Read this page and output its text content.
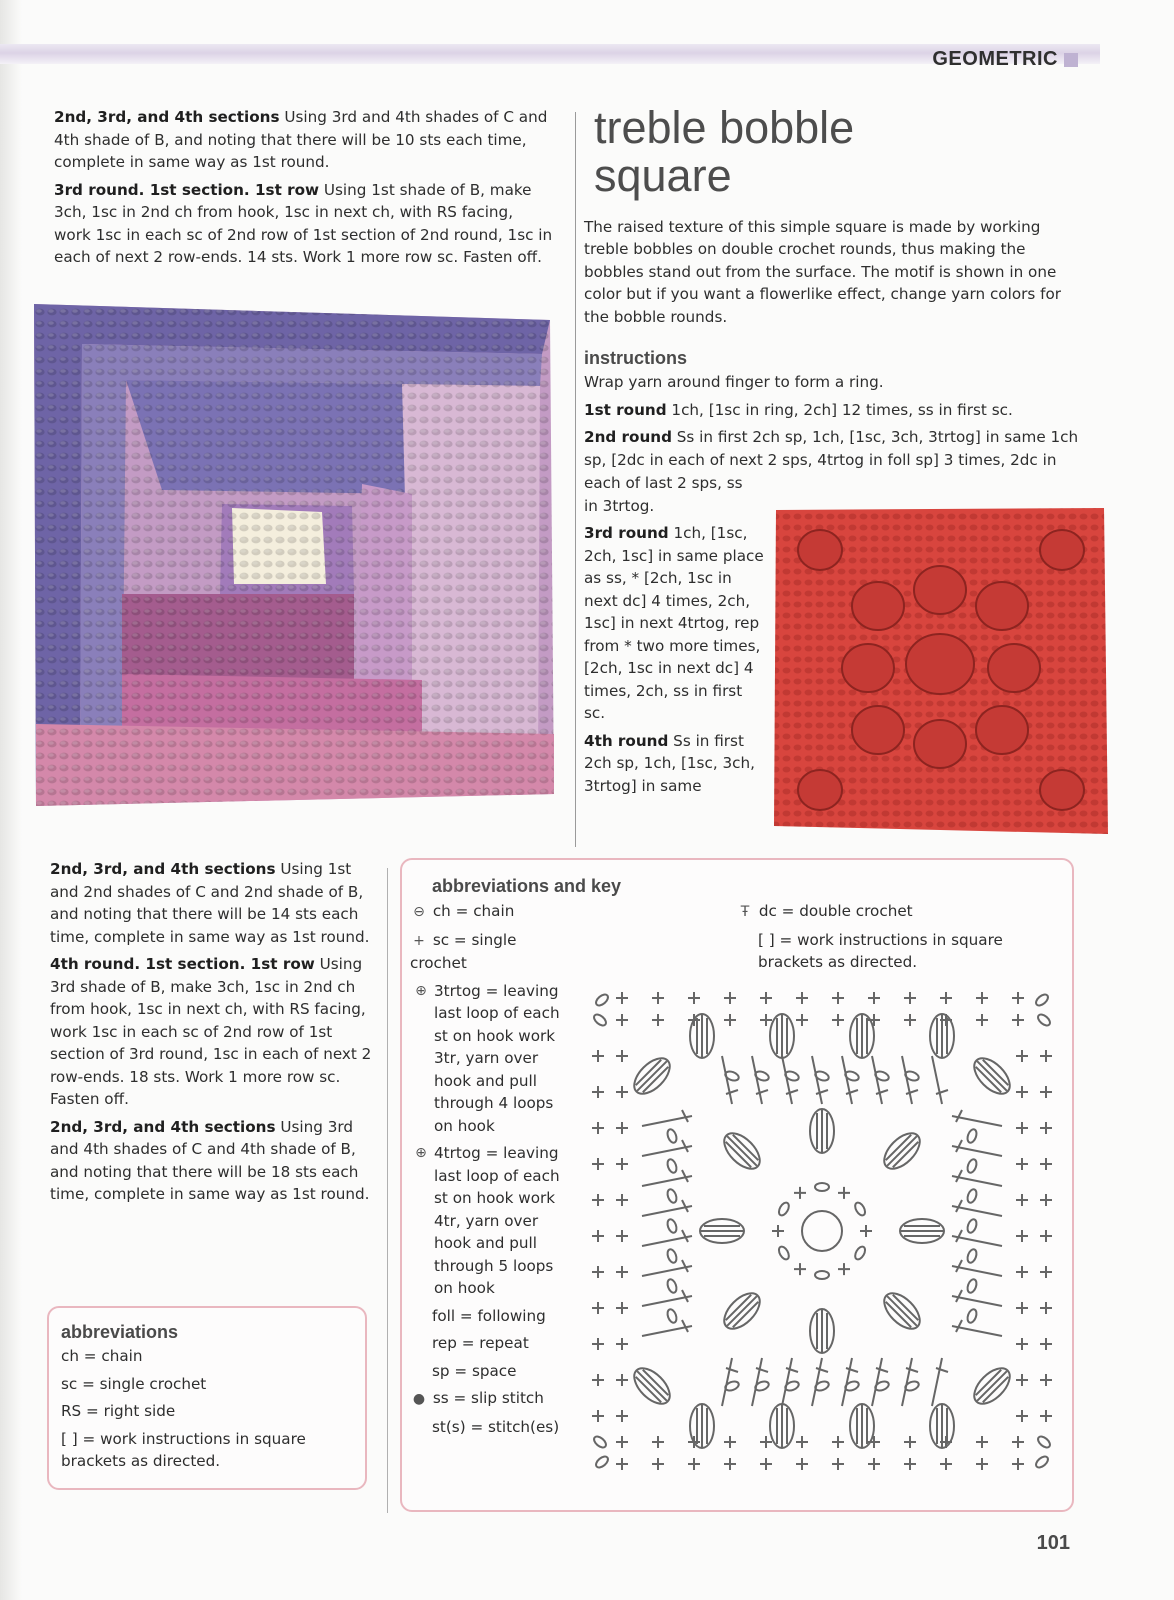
GEOMETRIC

2nd, 3rd, and 4th sections Using 3rd and 4th shades of C and 4th shade of B, and noting that there will be 10 sts each time, complete in same way as 1st round.

3rd round. 1st section. 1st row Using 1st shade of B, make 3ch, 1sc in 2nd ch from hook, 1sc in next ch, with RS facing, work 1sc in each sc of 2nd row of 1st section of 2nd round, 1sc in each of next 2 row-ends. 14 sts. Work 1 more row sc. Fasten off.

treble bobble
square

The raised texture of this simple square is made by working treble bobbles on double crochet rounds, thus making the bobbles stand out from the surface. The motif is shown in one color but if you want a flowerlike effect, change yarn colors for the bobble rounds.

instructions

Wrap yarn around finger to form a ring.

1st round 1ch, [1sc in ring, 2ch] 12 times, ss in first sc.

2nd round Ss in first 2ch sp, 1ch, [1sc, 3ch, 3trtog] in same 1ch sp, [2dc in each of next 2 sps, 4trtog in foll sp] 3 times, 2dc in

each of last 2 sps, ss

in 3trtog.

3rd round 1ch, [1sc, 2ch, 1sc] in same place as ss, * [2ch, 1sc in next dc] 4 times, 2ch, 1sc] in next 4trtog, rep from * two more times, [2ch, 1sc in next dc] 4 times, 2ch, ss in first sc.

4th round Ss in first 2ch sp, 1ch, [1sc, 3ch, 3trtog] in same

2nd, 3rd, and 4th sections Using 1st and 2nd shades of C and 2nd shade of B, and noting that there will be 14 sts each time, complete in same way as 1st round.

4th round. 1st section. 1st row Using 3rd shade of B, make 3ch, 1sc in 2nd ch from hook, 1sc in next ch, with RS facing, work 1sc in each sc of 2nd row of 1st section of 3rd round, 1sc in each of next 2 row-ends. 18 sts. Work 1 more row sc. Fasten off.

2nd, 3rd, and 4th sections Using 3rd and 4th shades of C and 4th shade of B, and noting that there will be 18 sts each time, complete in same way as 1st round.

abbreviations
ch = chain
sc = single crochet
RS = right side
[ ] = work instructions in square brackets as directed.
abbreviations and key
⊖ ch = chain
+ sc = single crochet
⊕ 3trtog = leaving last loop of each st on hook work 3tr, yarn over hook and pull through 4 loops on hook
⊕ 4trtog = leaving last loop of each st on hook work 4tr, yarn over hook and pull through 5 loops on hook
foll = following
rep = repeat
sp = space
● ss = slip stitch
st(s) = stitch(es)
Ŧ dc = double crochet
[ ] = work instructions in square brackets as directed.
101
